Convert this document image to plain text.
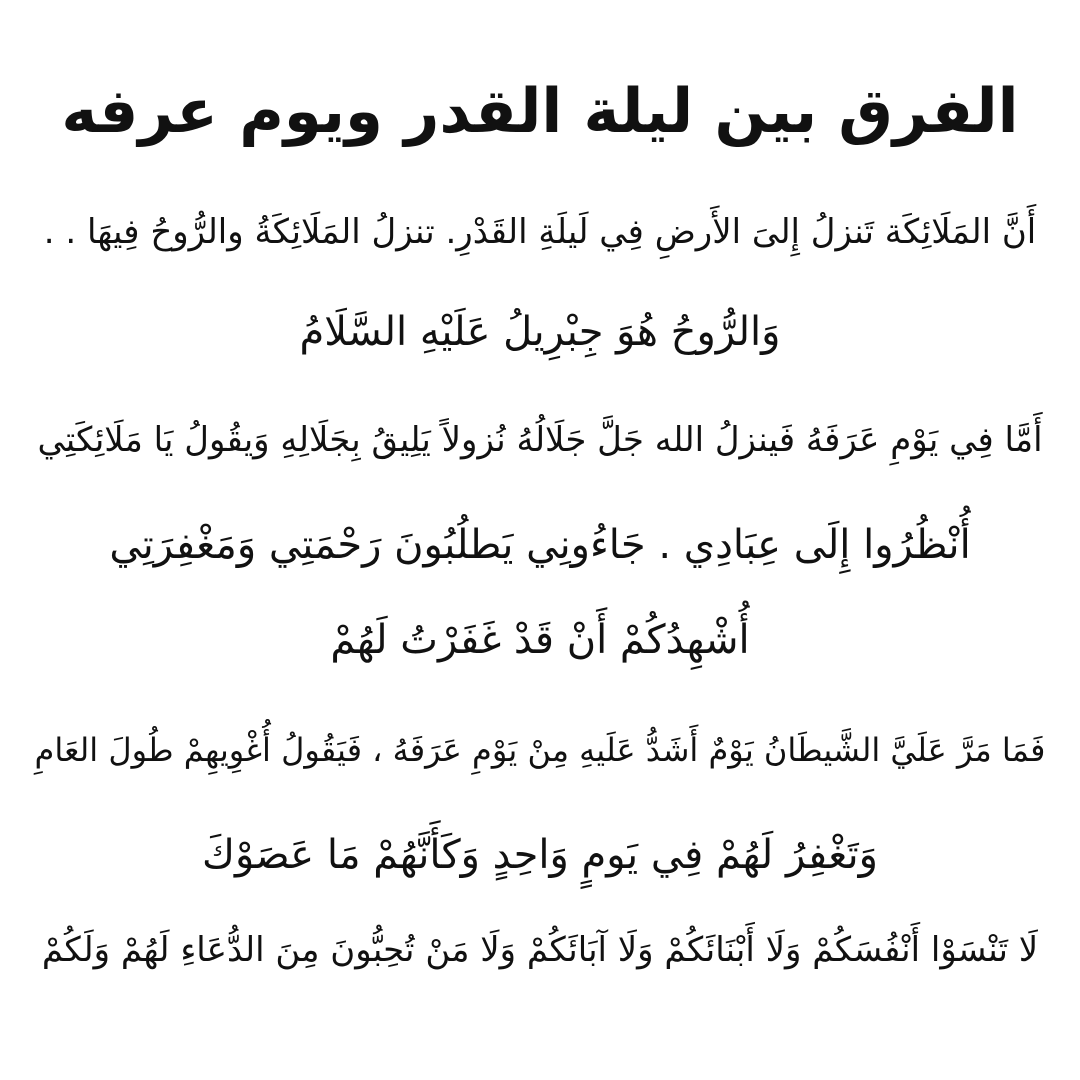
الفرق بين ليلة القدر ويوم عرفه

أَنَّ المَلَائِكَة تَنزلُ إِلىَ الأَرضِ فِي لَيلَةِ القَدْرِ. تنزلُ المَلَائِكَةُ والرُّوحُ فِيهَا . .

وَالرُّوحُ هُوَ جِبْرِيلُ عَلَيْهِ السَّلَامُ

أَمَّا فِي يَوْمِ عَرَفَهُ فَينزلُ الله جَلَّ جَلَالُهُ نُزولاً يَلِيقُ بِجَلَالِهِ وَيقُولُ يَا مَلَائِكَتِي

أُنْظُرُوا إِلَى عِبَادِي . جَاءُونِي يَطلُبُونَ رَحْمَتِي وَمَغْفِرَتِي

أُشْهِدُكُمْ أَنْ قَدْ غَفَرْتُ لَهُمْ

فَمَا مَرَّ عَلَيَّ الشَّيطَانُ يَوْمٌ أَشَدُّ عَلَيهِ مِنْ يَوْمِ عَرَفَهُ ، فَيَقُولُ أُغْوِيهِمْ طُولَ العَامِ

وَتَغْفِرُ لَهُمْ فِي يَومٍ وَاحِدٍ وَكَأَنَّهُمْ مَا عَصَوْكَ

لَا تَنْسَوْا أَنْفُسَكُمْ وَلَا أَبْنَائَكُمْ وَلَا آبَائَكُمْ وَلَا مَنْ تُحِبُّونَ مِنَ الدُّعَاءِ لَهُمْ وَلَكُمْ
